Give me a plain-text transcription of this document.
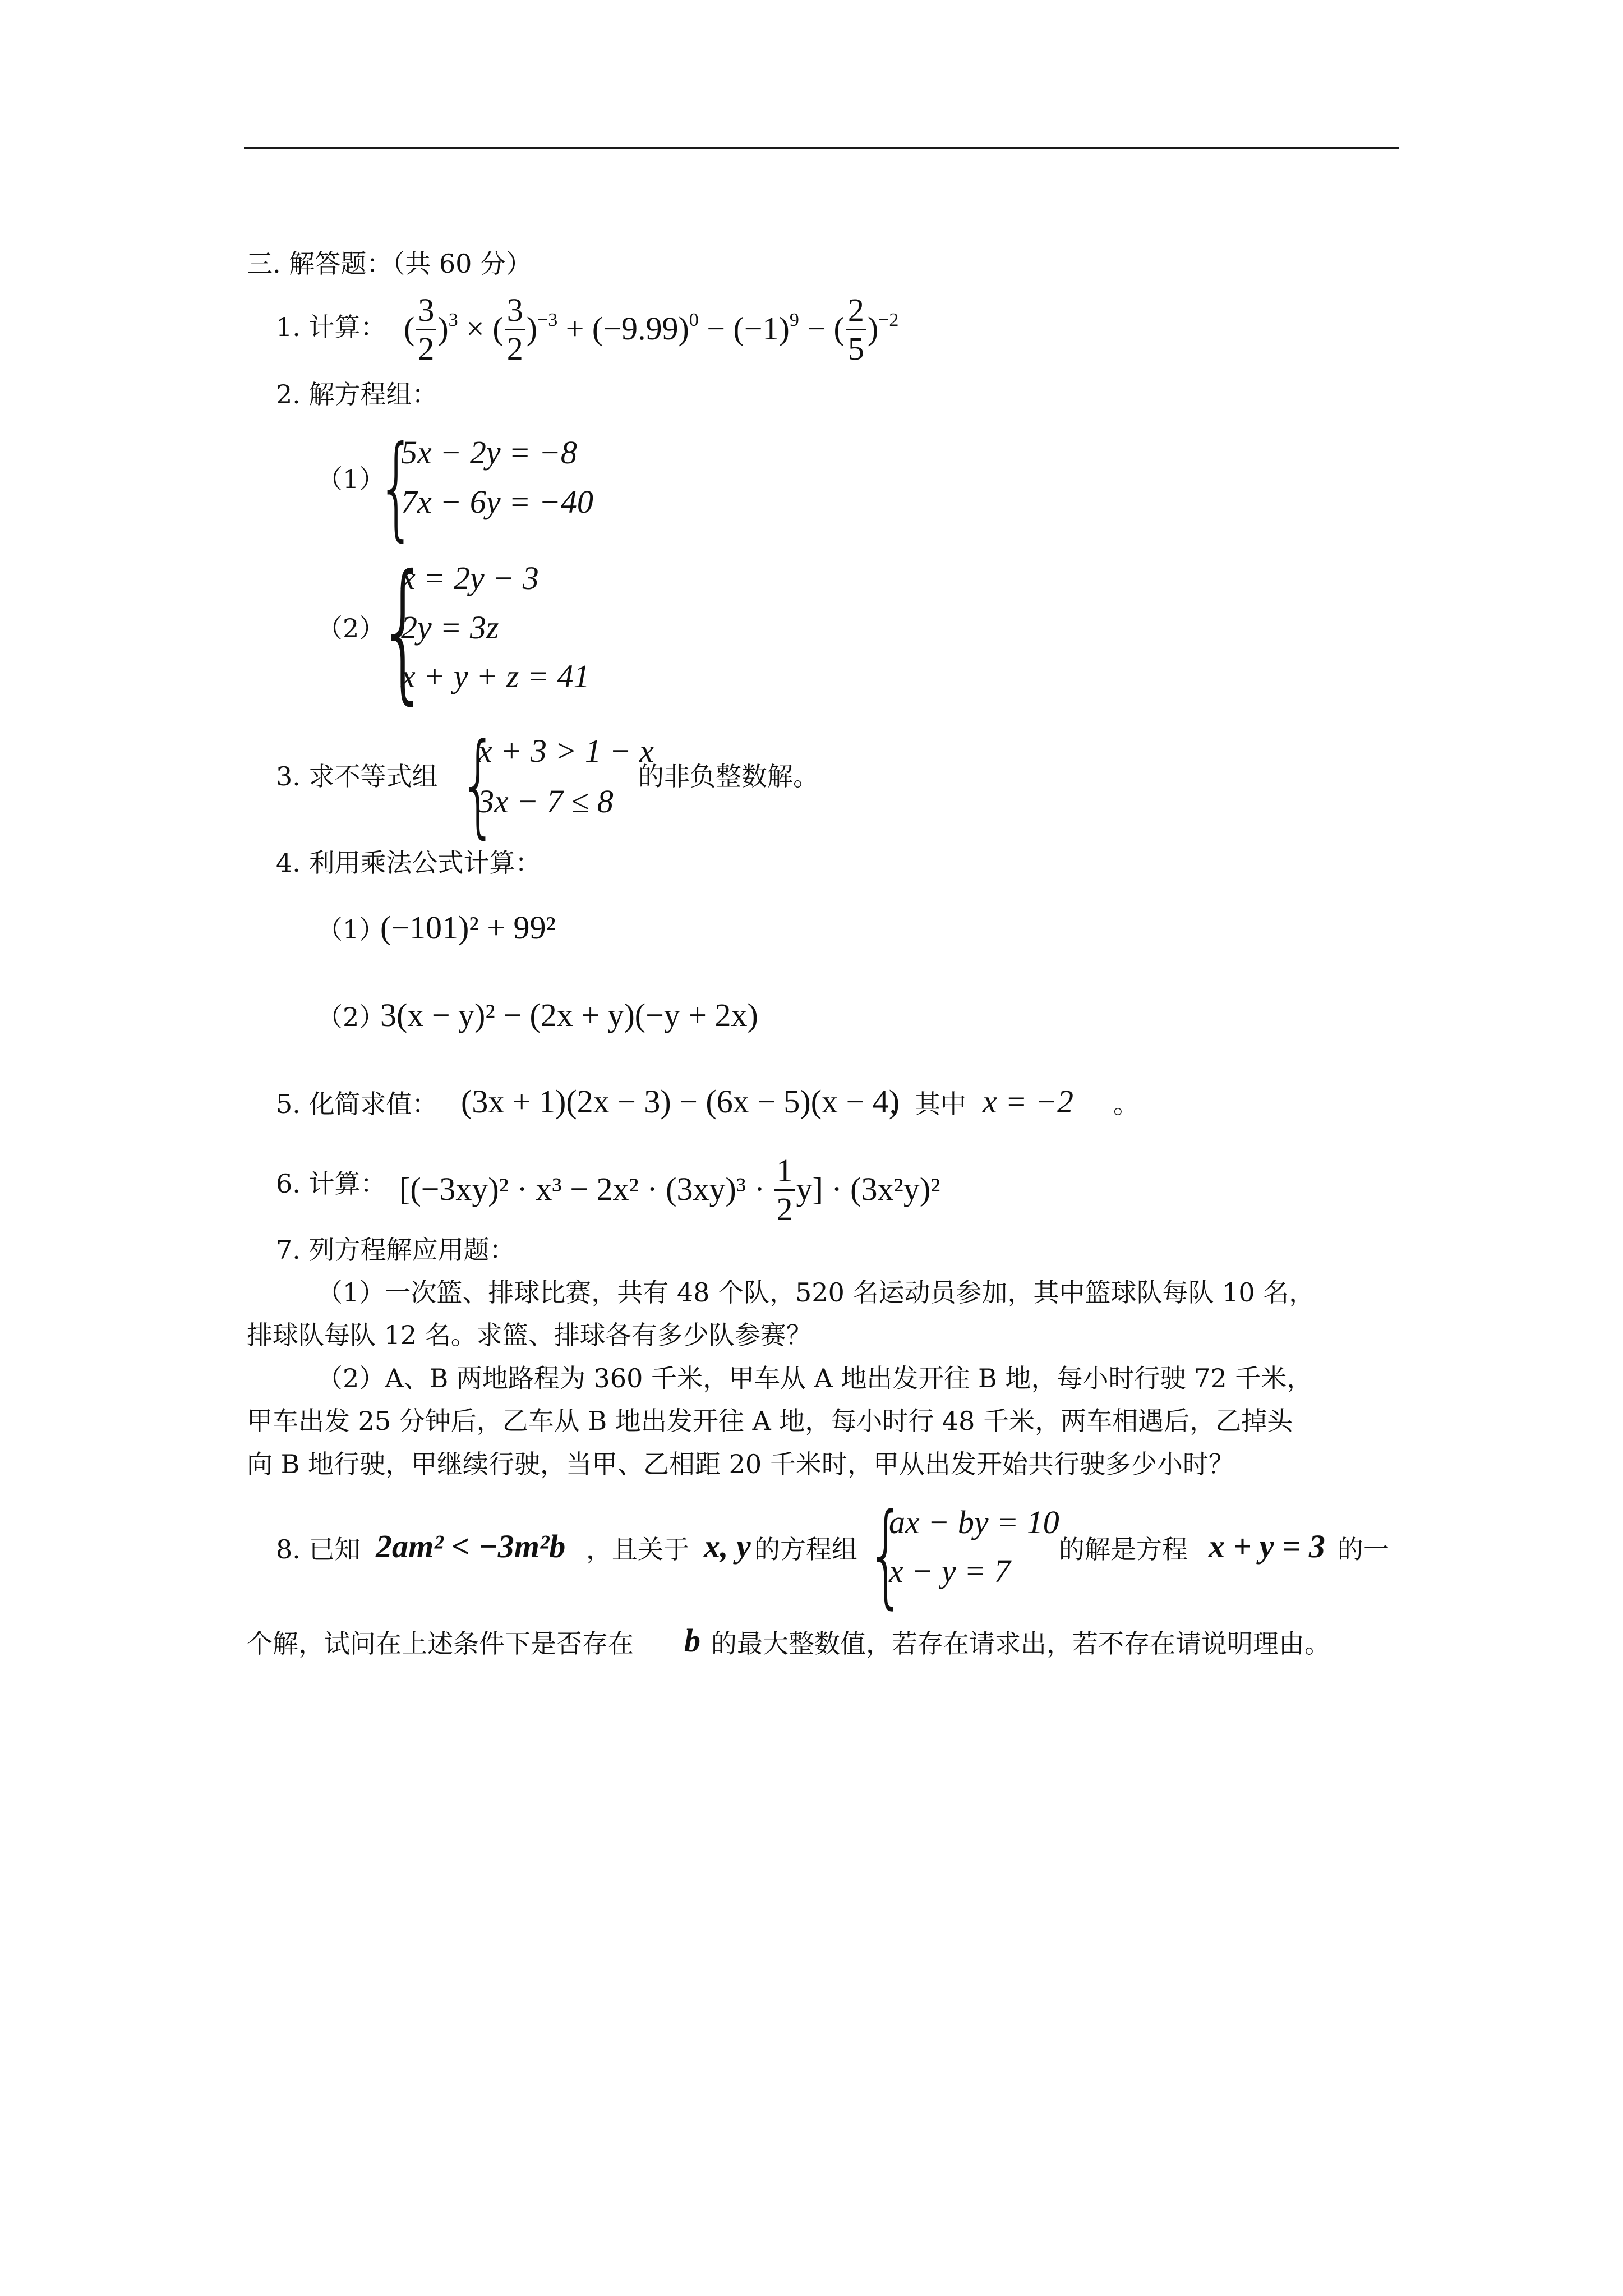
三. 解答题：（共 60 分）
1. 计算： ( $\frac{3}{2} )^3$ × ( $\frac{3}{2} )^{-3} + (-9.99)^0 - (-1)^9$ − ( $\frac{2}{5} )^{-2}$
2. 解方程组：
（1）
{
5x − 2y = −8
7x − 6y = −40
（2）
{
x = 2y − 3
2y = 3z
x + y + z = 41
3. 求不等式组 {
x + 3 > 1 − x
3x − 7 ≤ 8
的非负整数解。
4. 利用乘法公式计算：
（1）
(−101)² + 99²
（2）
3(x − y)² − (2x + y)(−y + 2x)
5. 化简求值： (3x + 1)(2x − 3) − (6x − 5)(x − 4)
，其中 x = −2 。
6. 计算： $[(-3xy)^2 \cdot x^3 - 2x^2 \cdot (3xy)^3 \cdot \frac{1}{2} y] \cdot (3x^2y)^2$
7. 列方程解应用题：
（1）一次篮、排球比赛，共有 48 个队，520 名运动员参加，其中篮球队每队 10 名，
排球队每队 12 名。求篮、排球各有多少队参赛？
（2）A、B 两地路程为 360 千米，甲车从 A 地出发开往 B 地，每小时行驶 72 千米，
甲车出发 25 分钟后，乙车从 B 地出发开往 A 地，每小时行 48 千米，两车相遇后，乙掉头
向 B 地行驶，甲继续行驶，当甲、乙相距 20 千米时，甲从出发开始共行驶多少小时？
8. 已知 2am² < −3m²b ，且关于 x, y 的方程组 {
ax − by = 10
x − y = 7
的解是方程 x + y = 3 的一
个解，试问在上述条件下是否存在 b 的最大整数值，若存在请求出，若不存在请说明理由。
